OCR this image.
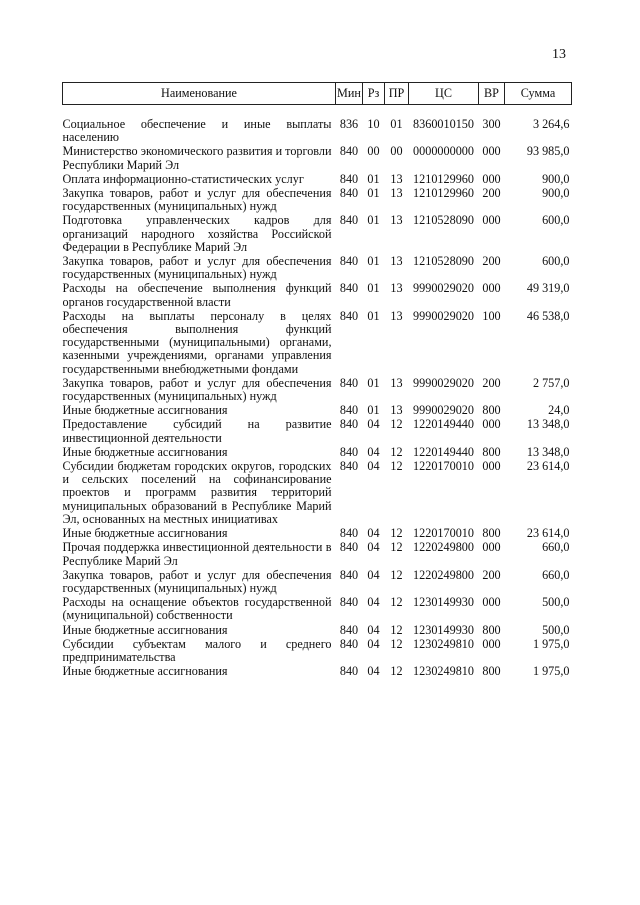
13
Наименование	Мин	Рз	ПР	ЦС	ВР	Сумма

Социальное обеспечение и иные выплаты населению	836	10	01	8360010150	300	3 264,6
Министерство экономического развития и торговли Республики Марий Эл	840	00	00	0000000000	000	93 985,0
Оплата информационно-статистических услуг	840	01	13	1210129960	000	900,0
Закупка товаров, работ и услуг для обеспечения государственных (муниципальных) нужд	840	01	13	1210129960	200	900,0
Подготовка управленческих кадров для организаций народного хозяйства Российской Федерации в Республике Марий Эл	840	01	13	1210528090	000	600,0
Закупка товаров, работ и услуг для обеспечения государственных (муниципальных) нужд	840	01	13	1210528090	200	600,0
Расходы на обеспечение выполнения функций органов государственной власти	840	01	13	9990029020	000	49 319,0
Расходы на выплаты персоналу в целях обеспечения выполнения функций государственными (муниципальными) органами, казенными учреждениями, органами управления государственными внебюджетными фондами	840	01	13	9990029020	100	46 538,0
Закупка товаров, работ и услуг для обеспечения государственных (муниципальных) нужд	840	01	13	9990029020	200	2 757,0
Иные бюджетные ассигнования	840	01	13	9990029020	800	24,0
Предоставление субсидий на развитие инвестиционной деятельности	840	04	12	1220149440	000	13 348,0
Иные бюджетные ассигнования	840	04	12	1220149440	800	13 348,0
Субсидии бюджетам городских округов, городских и сельских поселений на софинансирование проектов и программ развития территорий муниципальных образований в Республике Марий Эл, основанных на местных инициативах	840	04	12	1220170010	000	23 614,0
Иные бюджетные ассигнования	840	04	12	1220170010	800	23 614,0
Прочая поддержка инвестиционной деятельности в Республике Марий Эл	840	04	12	1220249800	000	660,0
Закупка товаров, работ и услуг для обеспечения государственных (муниципальных) нужд	840	04	12	1220249800	200	660,0
Расходы на оснащение объектов государственной (муниципальной) собственности	840	04	12	1230149930	000	500,0
Иные бюджетные ассигнования	840	04	12	1230149930	800	500,0
Субсидии субъектам малого и среднего предпринимательства	840	04	12	1230249810	000	1 975,0
Иные бюджетные ассигнования	840	04	12	1230249810	800	1 975,0
